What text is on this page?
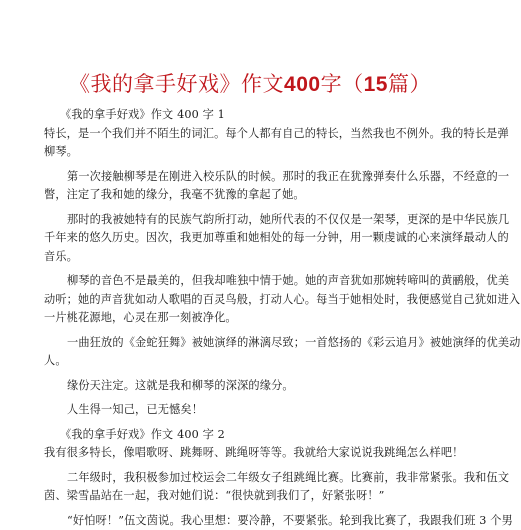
《我的拿手好戏》作文400字（15篇）
《我的拿手好戏》作文 400 字 1
特长，是一个我们并不陌生的词汇。每个人都有自己的特长，当然我也不例外。我的特长是弹
柳琴。
第一次接触柳琴是在刚进入校乐队的时候。那时的我正在犹豫弹奏什么乐器，不经意的一
瞥，注定了我和她的缘分，我毫不犹豫的拿起了她。
那时的我被她特有的民族气韵所打动，她所代表的不仅仅是一架琴，更深的是中华民族几
千年来的悠久历史。因次，我更加尊重和她相处的每一分钟，用一颗虔诚的心来演绎最动人的
音乐。
柳琴的音色不是最美的，但我却唯独中情于她。她的声音犹如那婉转啼叫的黄鹂般，优美
动听；她的声音犹如动人歌唱的百灵鸟般，打动人心。每当于她相处时，我便感觉自己犹如进入
一片桃花源地，心灵在那一刻被净化。
一曲狂放的《金蛇狂舞》被她演绎的淋漓尽致；一首悠扬的《彩云追月》被她演绎的优美动
人。
缘份天注定。这就是我和柳琴的深深的缘分。
人生得一知己，已无憾矣！
《我的拿手好戏》作文 400 字 2
我有很多特长，像唱歌呀、跳舞呀、跳绳呀等等。我就给大家说说我跳绳怎么样吧！
二年级时，我积极参加过校运会二年级女子组跳绳比赛。比赛前，我非常紧张。我和伍文
茵、梁雪晶站在一起，我对她们说：“很快就到我们了，好紧张呀！”
“好怕呀！”伍文茵说。我心里想：要冷静，不要紧张。轮到我比赛了，我跟我们班 3 个男
